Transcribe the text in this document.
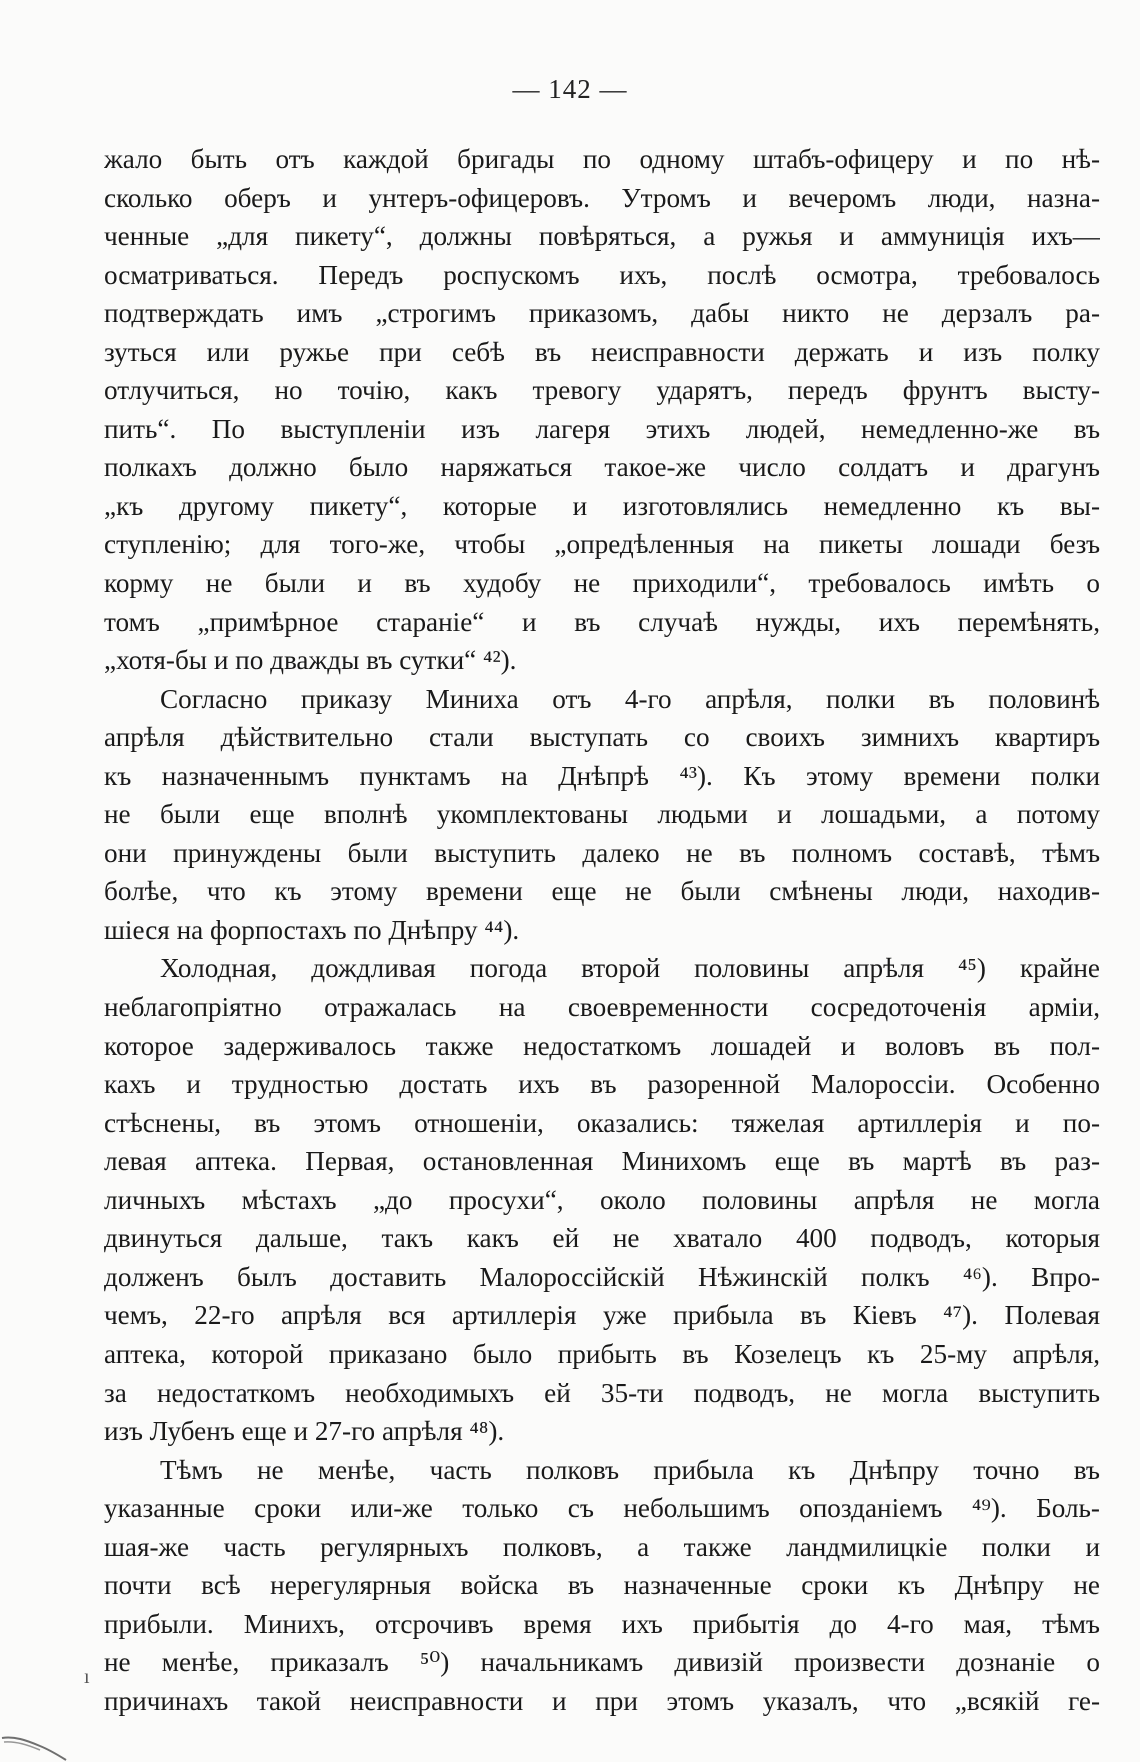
— 142 —
жало быть отъ каждой бригады по одному штабъ-офицеру и по нѣ-
сколько оберъ и унтеръ-офицеровъ. Утромъ и вечеромъ люди, назна-
ченные „для пикету“, должны повѣряться, а ружья и аммуниція ихъ—
осматриваться. Передъ роспускомъ ихъ, послѣ осмотра, требовалось
подтверждать имъ „строгимъ приказомъ, дабы никто не дерзалъ ра-
зуться или ружье при себѣ въ неисправности держать и изъ полку
отлучиться, но точію, какъ тревогу ударятъ, передъ фрунтъ высту-
пить“. По выступленіи изъ лагеря этихъ людей, немедленно-же въ
полкахъ должно было наряжаться такое-же число солдатъ и драгунъ
„къ другому пикету“, которые и изготовлялись немедленно къ вы-
ступленію; для того-же, чтобы „опредѣленныя на пикеты лошади безъ
корму не были и въ худобу не приходили“, требовалось имѣть о
томъ „примѣрное стараніе“ и въ случаѣ нужды, ихъ перемѣнять,
„хотя-бы и по дважды въ сутки“ ⁴²).
Согласно приказу Миниха отъ 4-го апрѣля, полки въ половинѣ
апрѣля дѣйствительно стали выступать со своихъ зимнихъ квартиръ
къ назначеннымъ пунктамъ на Днѣпрѣ ⁴³). Къ этому времени полки
не были еще вполнѣ укомплектованы людьми и лошадьми, а потому
они принуждены были выступить далеко не въ полномъ составѣ, тѣмъ
болѣе, что къ этому времени еще не были смѣнены люди, находив-
шіеся на форпостахъ по Днѣпру ⁴⁴).
Холодная, дождливая погода второй половины апрѣля ⁴⁵) крайне
неблагопріятно отражалась на своевременности сосредоточенія арміи,
которое задерживалось также недостаткомъ лошадей и воловъ въ пол-
кахъ и трудностью достать ихъ въ разоренной Малороссіи. Особенно
стѣснены, въ этомъ отношеніи, оказались: тяжелая артиллерія и по-
левая аптека. Первая, остановленная Минихомъ еще въ мартѣ въ раз-
личныхъ мѣстахъ „до просухи“, около половины апрѣля не могла
двинуться дальше, такъ какъ ей не хватало 400 подводъ, которыя
долженъ былъ доставить Малороссійскій Нѣжинскій полкъ ⁴⁶). Впро-
чемъ, 22-го апрѣля вся артиллерія уже прибыла въ Кіевъ ⁴⁷). Полевая
аптека, которой приказано было прибыть въ Козелецъ къ 25-му апрѣля,
за недостаткомъ необходимыхъ ей 35-ти подводъ, не могла выступить
изъ Лубенъ еще и 27-го апрѣля ⁴⁸).
Тѣмъ не менѣе, часть полковъ прибыла къ Днѣпру точно въ
указанные сроки или-же только съ небольшимъ опозданіемъ ⁴⁹). Боль-
шая-же часть регулярныхъ полковъ, а также ландмилицкіе полки и
почти всѣ нерегулярныя войска въ назначенные сроки къ Днѣпру не
прибыли. Минихъ, отсрочивъ время ихъ прибытія до 4-го мая, тѣмъ
не менѣе, приказалъ ⁵⁰) начальникамъ дивизій произвести дознаніе о
причинахъ такой неисправности и при этомъ указалъ, что „всякій ге-
ı
